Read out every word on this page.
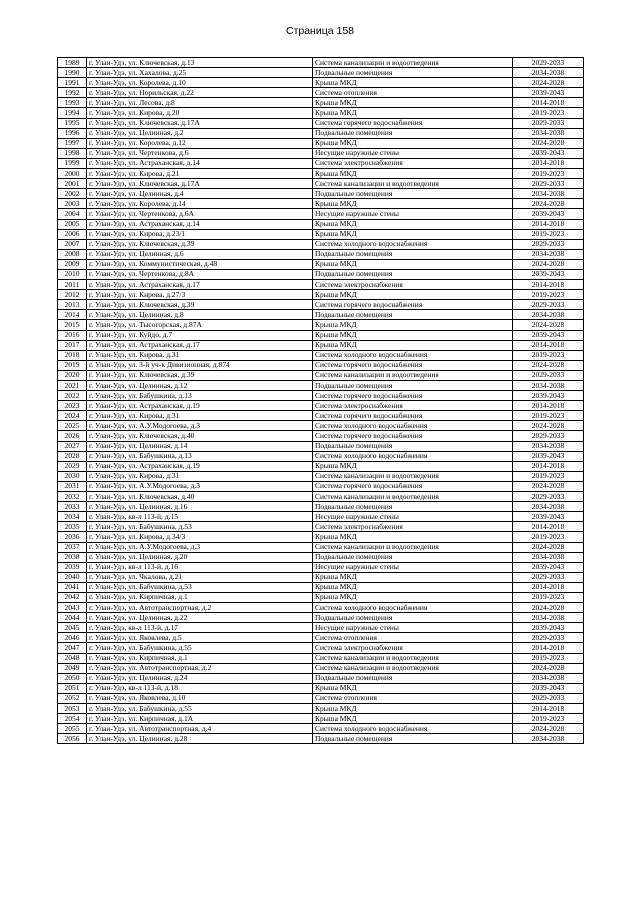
Страница 158
1989	г. Улан-Удэ, ул. Ключевская, д.13	Система канализации и водоотведения	2029-2033
1990	г. Улан-Удэ, ул. Хахалова, д.25	Подвальные помещения	2034-2038
1991	г. Улан-Удэ, ул. Королева, д.10	Крыша МКД	2024-2028
1992	г. Улан-Удэ, ул. Норильская, д.22	Система отопления	2039-2043
1993	г. Улан-Удэ, ул. Лесова, д.8	Крыша МКД	2014-2018
1994	г. Улан-Удэ, ул. Кирова, д.20	Крыша МКД	2019-2023
1995	г. Улан-Удэ, ул. Ключевская, д.17А	Система горячего водоснабжения	2029-2033
1996	г. Улан-Удэ, ул. Целинная, д.2	Подвальные помещения	2034-2038
1997	г. Улан-Удэ, ул. Королева, д.12	Крыша МКД	2024-2028
1998	г. Улан-Удэ, ул. Чертенкова, д.6	Несущие наружные стены	2039-2043
1999	г. Улан-Удэ, ул. Астраханская, д.14	Система электроснабжения	2014-2018
2000	г. Улан-Удэ, ул. Кирова, д.21	Крыша МКД	2019-2023
2001	г. Улан-Удэ, ул. Ключевская, д.17А	Система канализации и водоотведения	2029-2033
2002	г. Улан-Удэ, ул. Целинная, д.4	Подвальные помещения	2034-2038
2003	г. Улан-Удэ, ул. Королева, д.14	Крыша МКД	2024-2028
2004	г. Улан-Удэ, ул. Чертенкова, д.6А	Несущие наружные стены	2039-2043
2005	г. Улан-Удэ, ул. Астраханская, д.14	Крыша МКД	2014-2018
2006	г. Улан-Удэ, ул. Кирова, д.23/1	Крыша МКД	2019-2023
2007	г. Улан-Удэ, ул. Ключевская, д.39	Система холодного водоснабжения	2029-2033
2008	г. Улан-Удэ, ул. Целинная, д.6	Подвальные помещения	2034-2038
2009	г. Улан-Удэ, ул. Коммунистическая, д.48	Крыша МКД	2024-2028
2010	г. Улан-Удэ, ул. Чертенкова, д.8А	Подвальные помещения	2039-2043
2011	г. Улан-Удэ, ул. Астраханская, д.17	Система электроснабжения	2014-2018
2012	г. Улан-Удэ, ул. Кирова, д.27/3	Крыша МКД	2019-2023
2013	г. Улан-Удэ, ул. Ключевская, д.39	Система горячего водоснабжения	2029-2033
2014	г. Улан-Удэ, ул. Целинная, д.8	Подвальные помещения	2034-2038
2015	г. Улан-Удэ, ул. Тысогорская, д.87А	Крыша МКД	2024-2028
2016	г. Улан-Удэ, ул. Куйдо, д.7	Крыша МКД	2039-2043
2017	г. Улан-Удэ, ул. Астраханская, д.17	Крыша МКД	2014-2018
2018	г. Улан-Удэ, ул. Кирова, д.31	Система холодного водоснабжения	2019-2023
2019	г. Улан-Удэ, ул. 3-й уч-к Дивизионная, д.874	Система горячего водоснабжения	2024-2028
2020	г. Улан-Удэ, ул. Ключевская, д.39	Система канализации и водоотведения	2029-2033
2021	г. Улан-Удэ, ул. Целинная, д.12	Подвальные помещения	2034-2038
2022	г. Улан-Удэ, ул. Бабушкина, д.13	Система горячего водоснабжения	2039-2043
2023	г. Улан-Удэ, ул. Астраханская, д.19	Система электроснабжения	2014-2018
2024	г. Улан-Удэ, ул. Кирова, д.31	Система горячего водоснабжения	2019-2023
2025	г. Улан-Удэ, ул. А.У.Модогоева, д.3	Система холодного водоснабжения	2024-2028
2026	г. Улан-Удэ, ул. Ключевская, д.40	Система горячего водоснабжения	2029-2033
2027	г. Улан-Удэ, ул. Целинная, д.14	Подвальные помещения	2034-2038
2028	г. Улан-Удэ, ул. Бабушкина, д.13	Система холодного водоснабжения	2039-2043
2029	г. Улан-Удэ, ул. Астраханская, д.19	Крыша МКД	2014-2018
2030	г. Улан-Удэ, ул. Кирова, д.31	Система канализации и водоотведения	2019-2023
2031	г. Улан-Удэ, ул. А.У.Модогоева, д.3	Система горячего водоснабжения	2024-2028
2032	г. Улан-Удэ, ул. Ключевская, д.40	Система канализации и водоотведения	2029-2033
2033	г. Улан-Удэ, ул. Целинная, д.16	Подвальные помещения	2034-2038
2034	г. Улан-Удэ, кв-л 113-й, д.15	Несущие наружные стены	2039-2043
2035	г. Улан-Удэ, ул. Бабушкина, д.53	Система электроснабжения	2014-2018
2036	г. Улан-Удэ, ул. Кирова, д.34/3	Крыша МКД	2019-2023
2037	г. Улан-Удэ, ул. А.У.Модогоева, д.3	Система канализации и водоотведения	2024-2028
2038	г. Улан-Удэ, ул. Целинная, д.20	Подвальные помещения	2034-2038
2039	г. Улан-Удэ, кв-л 113-й, д.16	Несущие наружные стены	2039-2043
2040	г. Улан-Удэ, ул. Чкалова, д.21	Крыша МКД	2029-2033
2041	г. Улан-Удэ, ул. Бабушкина, д.53	Крыша МКД	2014-2018
2042	г. Улан-Удэ, ул. Кирпичная, д.1	Крыша МКД	2019-2023
2043	г. Улан-Удэ, ул. Автотранспортная, д.2	Система холодного водоснабжения	2024-2028
2044	г. Улан-Удэ, ул. Целинная, д.22	Подвальные помещения	2034-2038
2045	г. Улан-Удэ, кв-л 113-й, д.17	Несущие наружные стены	2039-2043
2046	г. Улан-Удэ, ул. Яковлева, д.5	Система отопления	2029-2033
2047	г. Улан-Удэ, ул. Бабушкина, д.55	Система электроснабжения	2014-2018
2048	г. Улан-Удэ, ул. Кирпичная, д.1	Система канализации и водоотведения	2019-2023
2049	г. Улан-Удэ, ул. Автотранспортная, д.2	Система канализации и водоотведения	2024-2028
2050	г. Улан-Удэ, ул. Целинная, д.24	Подвальные помещения	2034-2038
2051	г. Улан-Удэ, кв-л 113-й, д.18	Крыша МКД	2039-2043
2052	г. Улан-Удэ, ул. Яковлева, д.10	Система отопления	2029-2033
2053	г. Улан-Удэ, ул. Бабушкина, д.55	Крыша МКД	2014-2018
2054	г. Улан-Удэ, ул. Кирпичная, д.1А	Крыша МКД	2019-2023
2055	г. Улан-Удэ, ул. Автотранспортная, д.4	Система холодного водоснабжения	2024-2028
2056	г. Улан-Удэ, ул. Целинная, д.28	Подвальные помещения	2034-2038
